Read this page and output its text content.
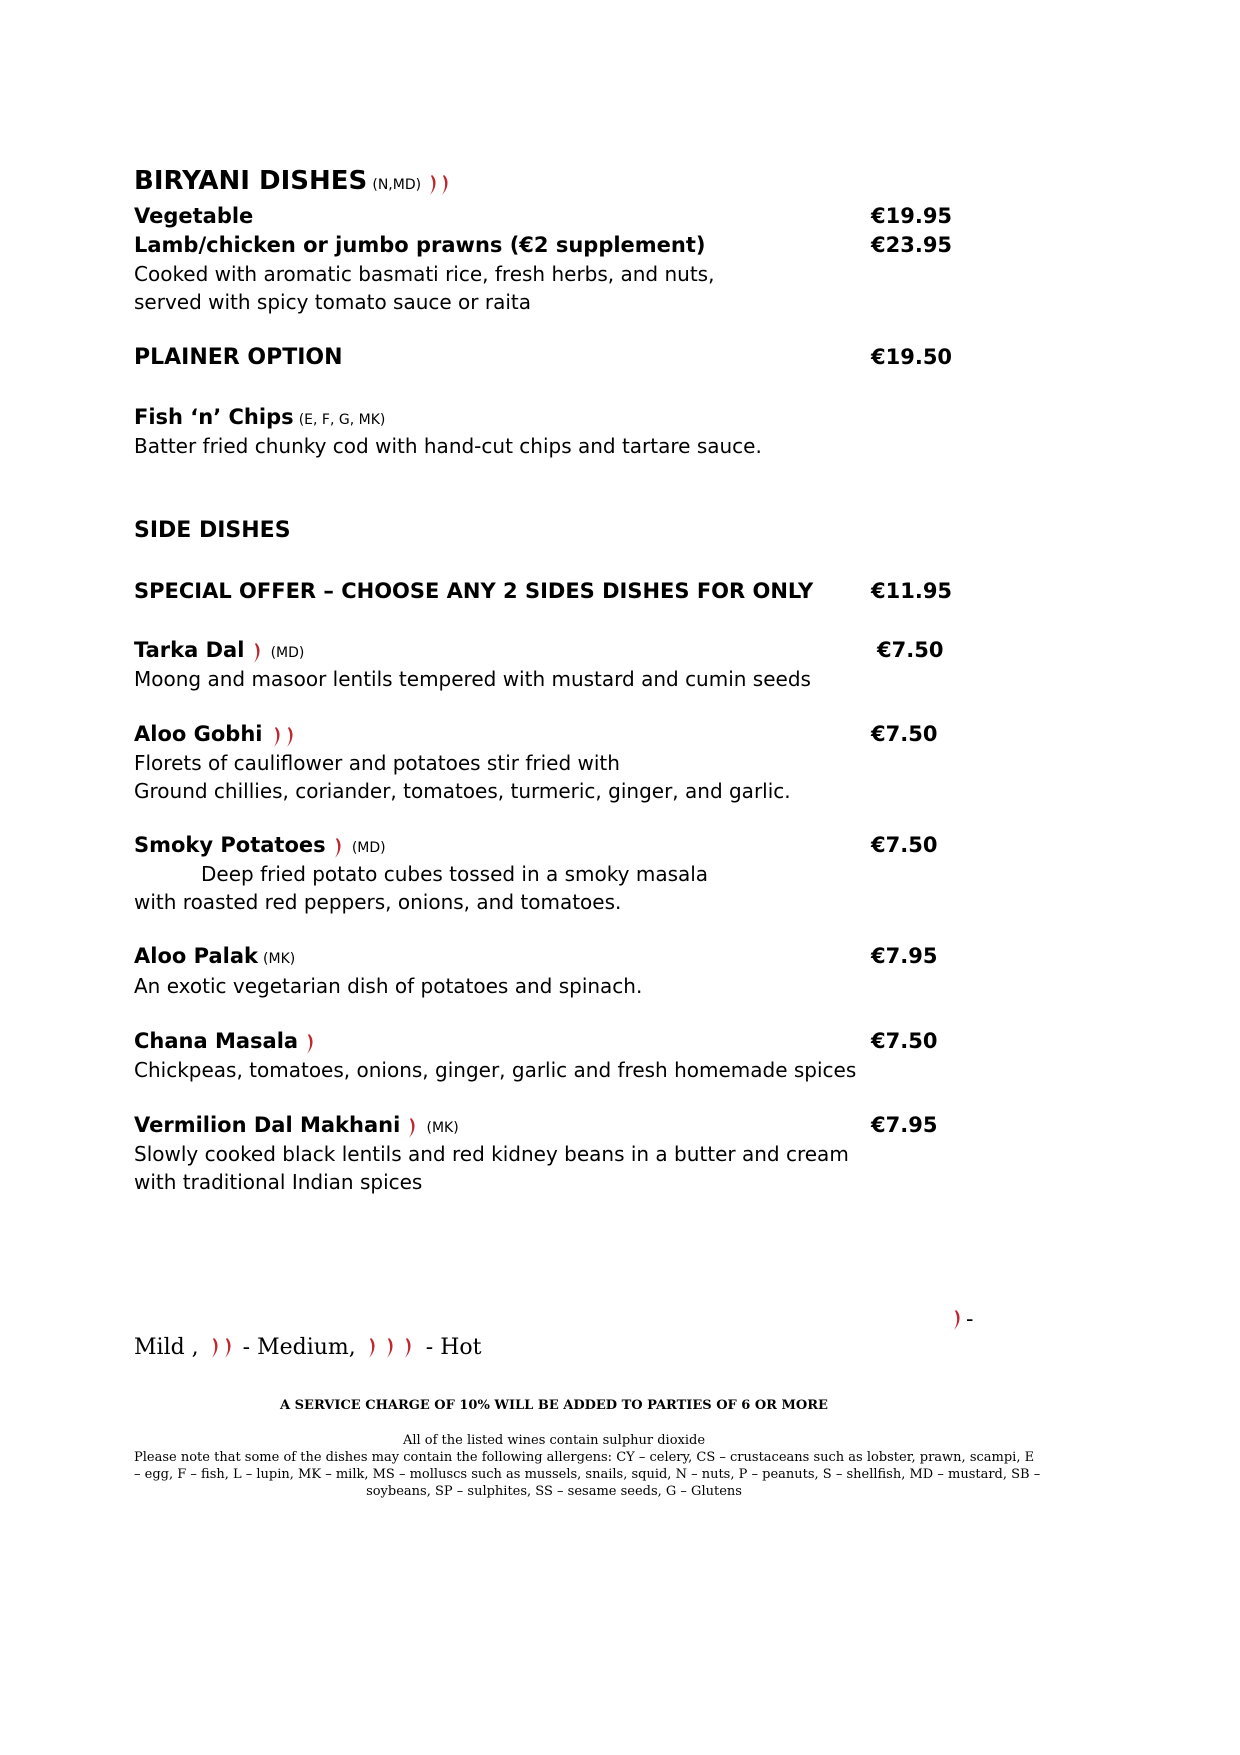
BIRYANI DISHES (N,MD)
Vegetable	€19.95
Lamb/chicken or jumbo prawns (€2 supplement)	€23.95
Cooked with aromatic basmati rice, fresh herbs, and nuts,
served with spicy tomato sauce or raita
PLAINER OPTION	€19.50
Fish ‘n’ Chips (E, F, G, MK)
Batter fried chunky cod with hand-cut chips and tartare sauce.
SIDE DISHES
SPECIAL OFFER – CHOOSE ANY 2 SIDES DISHES FOR ONLY	€11.95
Tarka Dal (MD)	€7.50
Moong and masoor lentils tempered with mustard and cumin seeds
Aloo Gobhi	€7.50
Florets of cauliflower and potatoes stir fried with
Ground chillies, coriander, tomatoes, turmeric, ginger, and garlic.
Smoky Potatoes (MD)	€7.50
Deep fried potato cubes tossed in a smoky masala
with roasted red peppers, onions, and tomatoes.
Aloo Palak (MK)	€7.95
An exotic vegetarian dish of potatoes and spinach.
Chana Masala	€7.50
Chickpeas, tomatoes, onions, ginger, garlic and fresh homemade spices
Vermilion Dal Makhani (MK)	€7.95
Slowly cooked black lentils and red kidney beans in a butter and cream
with traditional Indian spices
-
Mild , - Medium,	- Hot
A SERVICE CHARGE OF 10% WILL BE ADDED TO PARTIES OF 6 OR MORE
All of the listed wines contain sulphur dioxide
Please note that some of the dishes may contain the following allergens: CY – celery, CS – crustaceans such as lobster, prawn, scampi, E
– egg, F – fish, L – lupin, MK – milk, MS – molluscs such as mussels, snails, squid, N – nuts, P – peanuts, S – shellfish, MD – mustard, SB –
soybeans, SP – sulphites, SS – sesame seeds, G – Glutens
